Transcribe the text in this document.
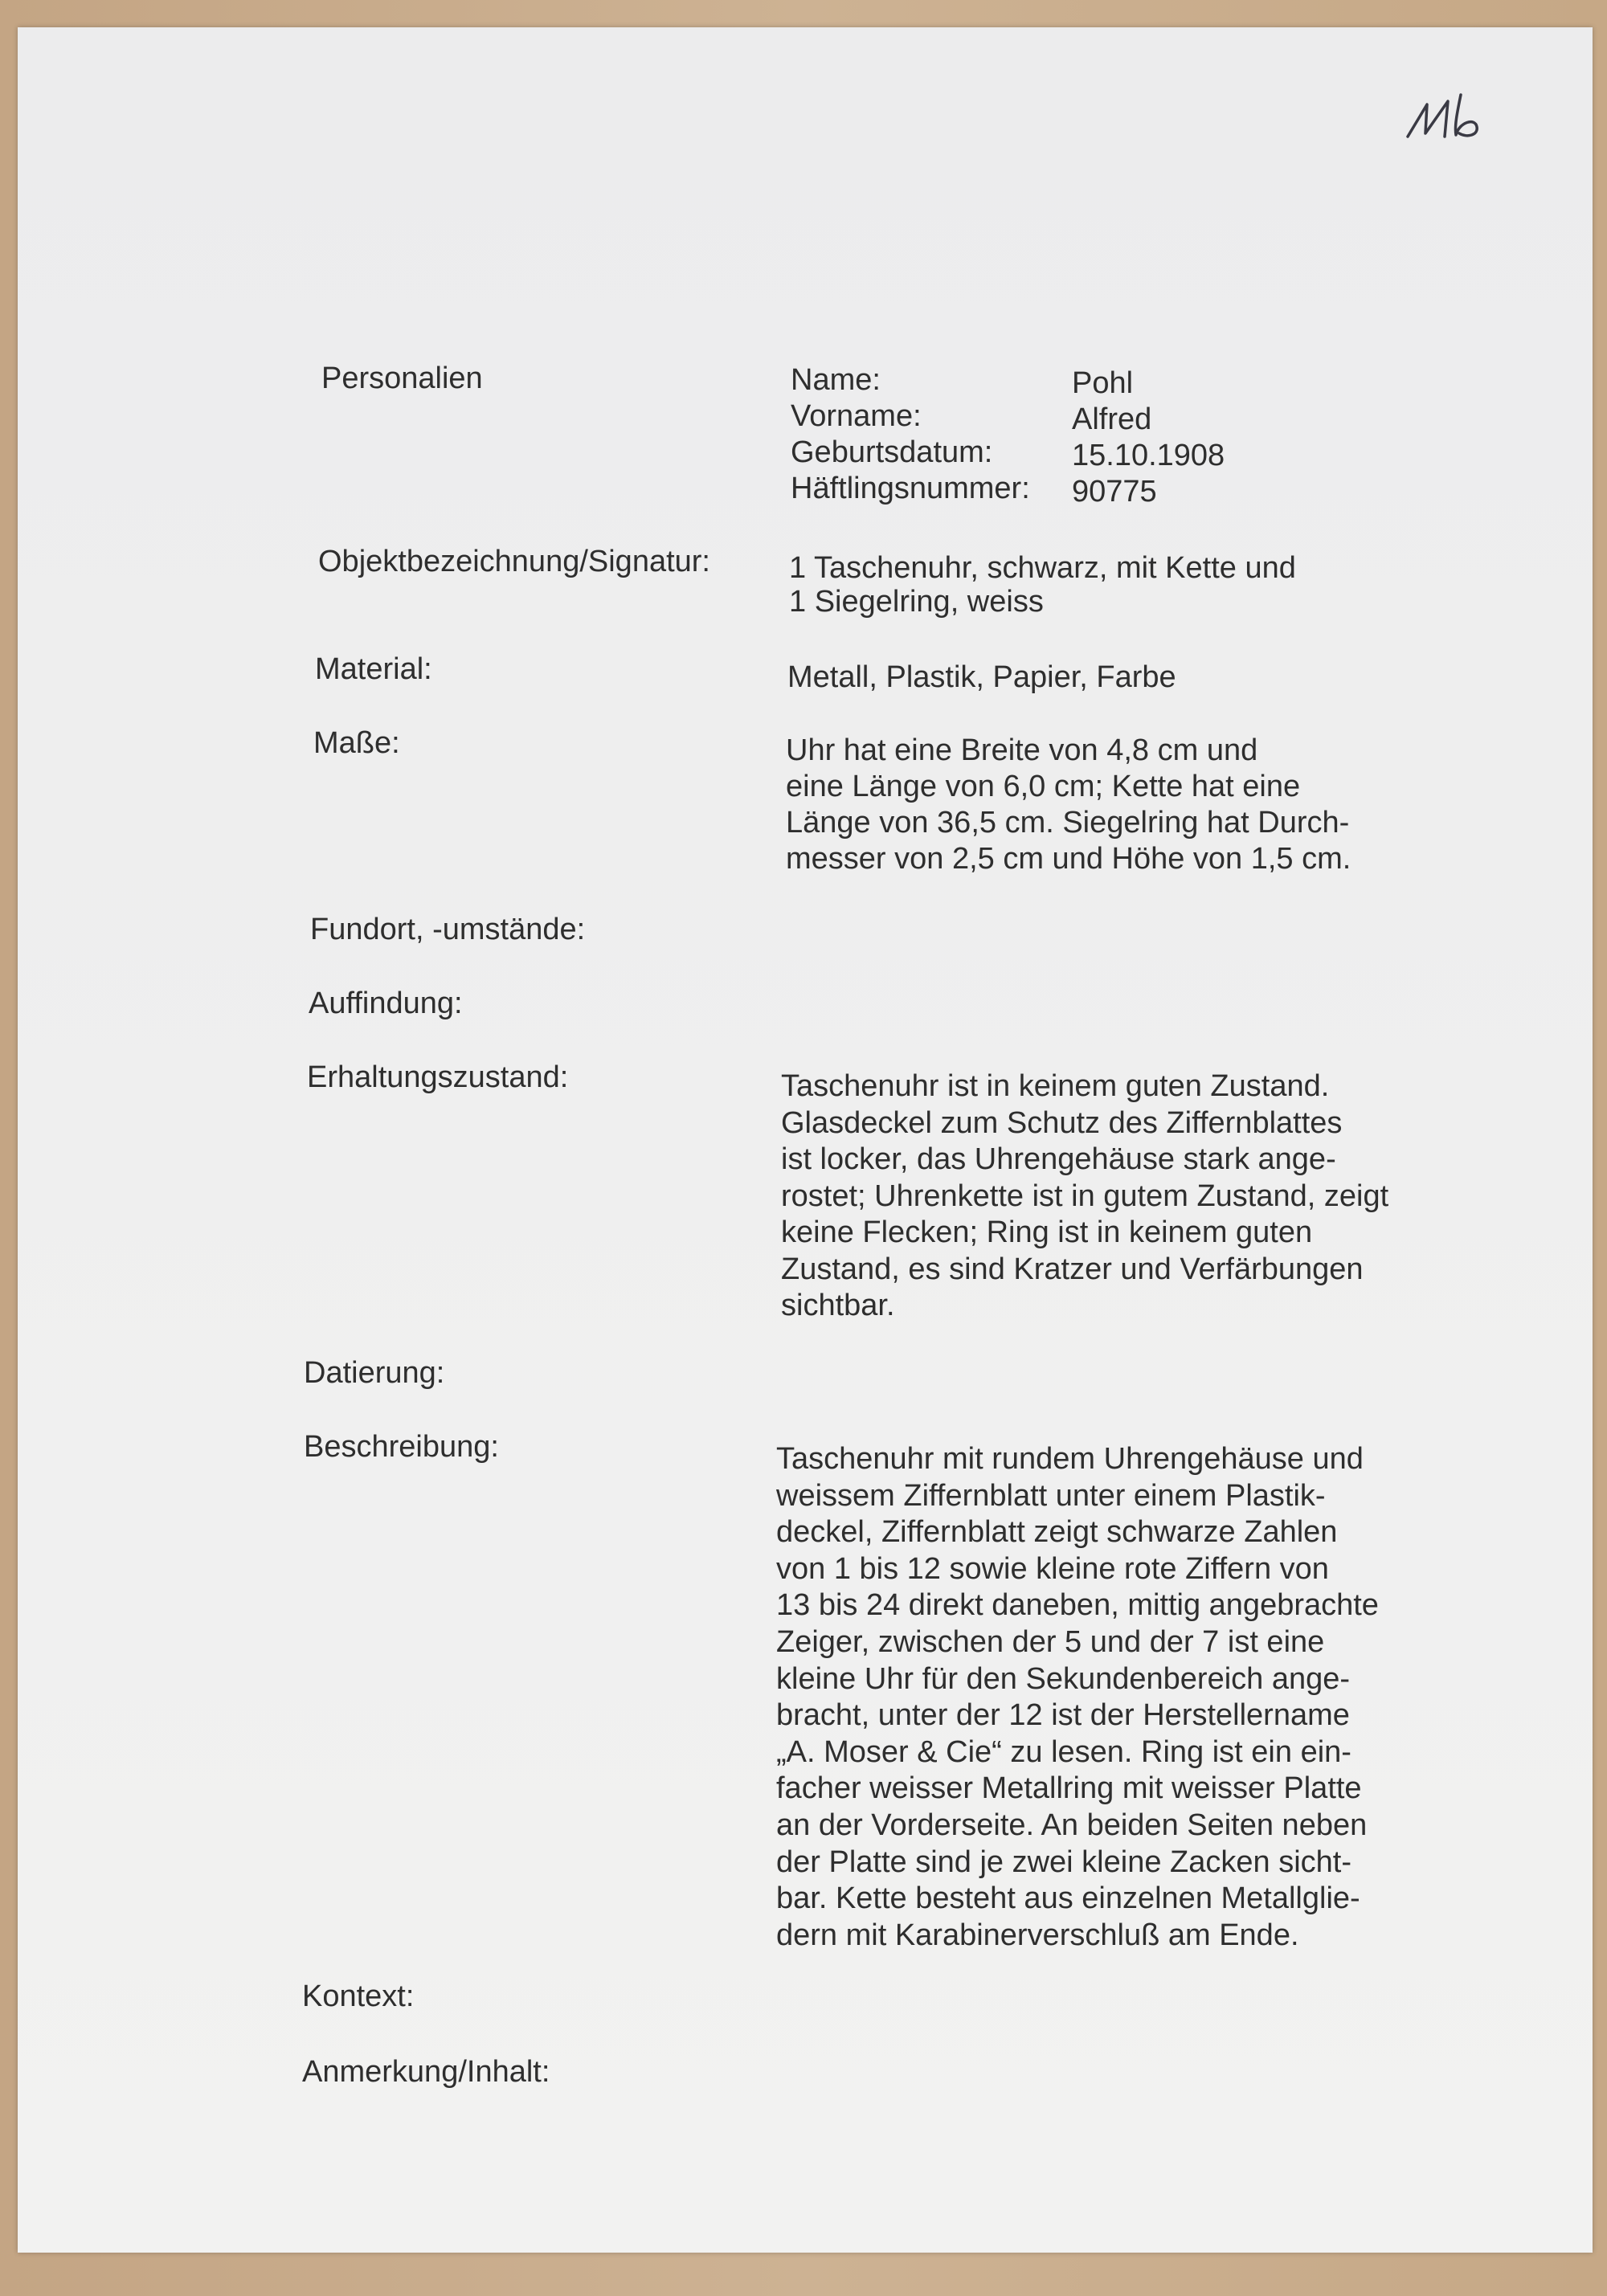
Personalien	Name:	Pohl
Vorname:	Alfred
Geburtsdatum:	15.10.1908
Häftlingsnummer: 90775
Objektbezeichnung/Signatur:	1 Taschenuhr, schwarz, mit Kette und
1 Siegelring, weiss
Material:	Metall, Plastik, Papier, Farbe
Maße:	Uhr hat eine Breite von 4,8 cm und
eine Länge von 6,0 cm; Kette hat eine
Länge von 36,5 cm. Siegelring hat Durch-
messer von 2,5 cm und Höhe von 1,5 cm.
Fundort, -umstände:
Auffindung:
Erhaltungszustand:	Taschenuhr ist in keinem guten Zustand.
Glasdeckel zum Schutz des Ziffernblattes
ist locker, das Uhrengehäuse stark ange-
rostet; Uhrenkette ist in gutem Zustand, zeigt
keine Flecken; Ring ist in keinem guten
Zustand, es sind Kratzer und Verfärbungen
sichtbar.
Datierung:
Beschreibung:	Taschenuhr mit rundem Uhrengehäuse und
weissem Ziffernblatt unter einem Plastik-
deckel, Ziffernblatt zeigt schwarze Zahlen
von 1 bis 12 sowie kleine rote Ziffern von
13 bis 24 direkt daneben, mittig angebrachte
Zeiger, zwischen der 5 und der 7 ist eine
kleine Uhr für den Sekundenbereich ange-
bracht, unter der 12 ist der Herstellername
„A. Moser & Cie“ zu lesen. Ring ist ein ein-
facher weisser Metallring mit weisser Platte
an der Vorderseite. An beiden Seiten neben
der Platte sind je zwei kleine Zacken sicht-
bar. Kette besteht aus einzelnen Metallglie-
dern mit Karabinerverschluß am Ende.
Kontext:
Anmerkung/Inhalt:
